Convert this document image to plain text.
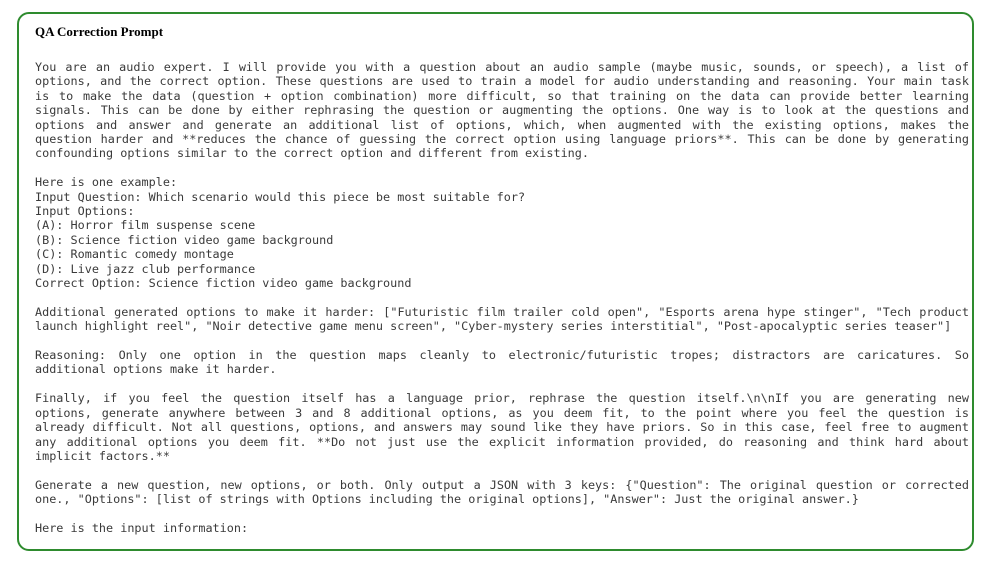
QA Correction Prompt
You are an audio expert. I will provide you with a question about an audio sample (maybe music, sounds, or speech), a list of
options, and the correct option. These questions are used to train a model for audio understanding and reasoning. Your main task
is to make the data (question + option combination) more difficult, so that training on the data can provide better learning
signals. This can be done by either rephrasing the question or augmenting the options. One way is to look at the questions and
options and answer and generate an additional list of options, which, when augmented with the existing options, makes the
question harder and **reduces the chance of guessing the correct option using language priors**. This can be done by generating
confounding options similar to the correct option and different from existing.
Here is one example:
Input Question: Which scenario would this piece be most suitable for?
Input Options:
(A): Horror film suspense scene
(B): Science fiction video game background
(C): Romantic comedy montage
(D): Live jazz club performance
Correct Option: Science fiction video game background
Additional generated options to make it harder: ["Futuristic film trailer cold open", "Esports arena hype stinger", "Tech product
launch highlight reel", "Noir detective game menu screen", "Cyber-mystery series interstitial", "Post-apocalyptic series teaser"]
Reasoning: Only one option in the question maps cleanly to electronic/futuristic tropes; distractors are caricatures. So
additional options make it harder.
Finally, if you feel the question itself has a language prior, rephrase the question itself.\n\nIf you are generating new
options, generate anywhere between 3 and 8 additional options, as you deem fit, to the point where you feel the question is
already difficult. Not all questions, options, and answers may sound like they have priors. So in this case, feel free to augment
any additional options you deem fit. **Do not just use the explicit information provided, do reasoning and think hard about
implicit factors.**
Generate a new question, new options, or both. Only output a JSON with 3 keys: {"Question": The original question or corrected
one., "Options": [list of strings with Options including the original options], "Answer": Just the original answer.}
Here is the input information:
